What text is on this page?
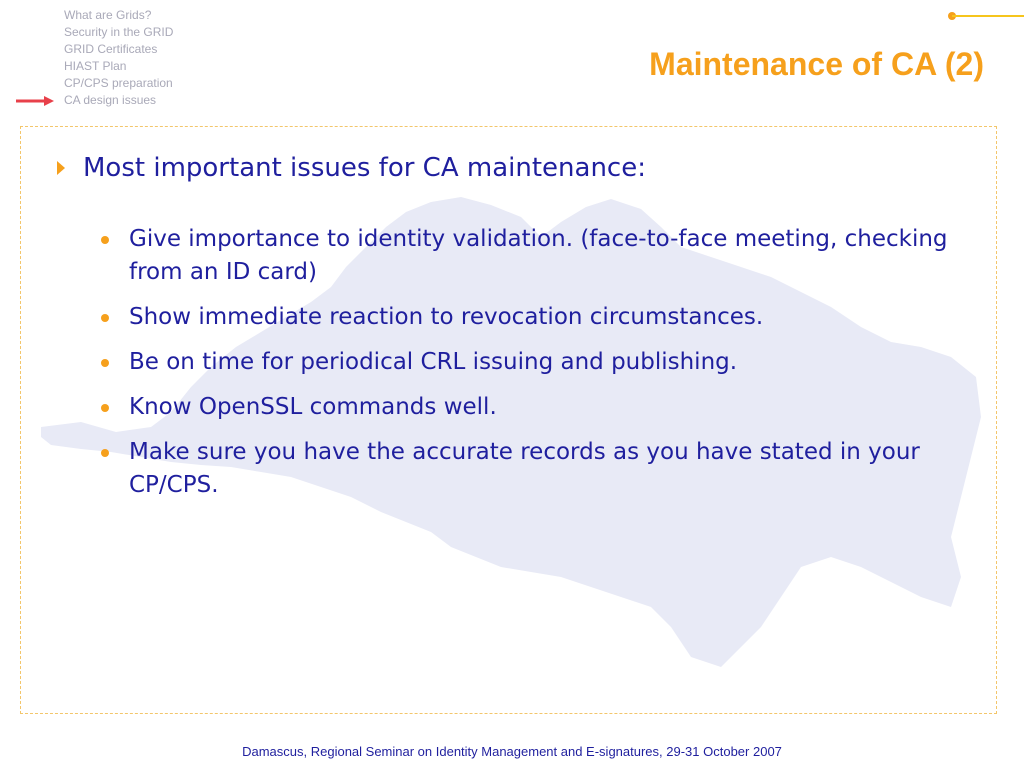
What are Grids?
Security in the GRID
GRID Certificates
HIAST Plan
CP/CPS preparation
CA design issues
Maintenance of CA (2)

Most important issues for CA maintenance:

Give importance to identity validation. (face-to-face meeting, checking from an ID card)
Show immediate reaction to revocation circumstances.
Be on time for periodical CRL issuing and publishing.
Know OpenSSL commands well.
Make sure you have the accurate records as you have stated in your CP/CPS.
Damascus, Regional Seminar on Identity Management and E-signatures, 29-31 October 2007
